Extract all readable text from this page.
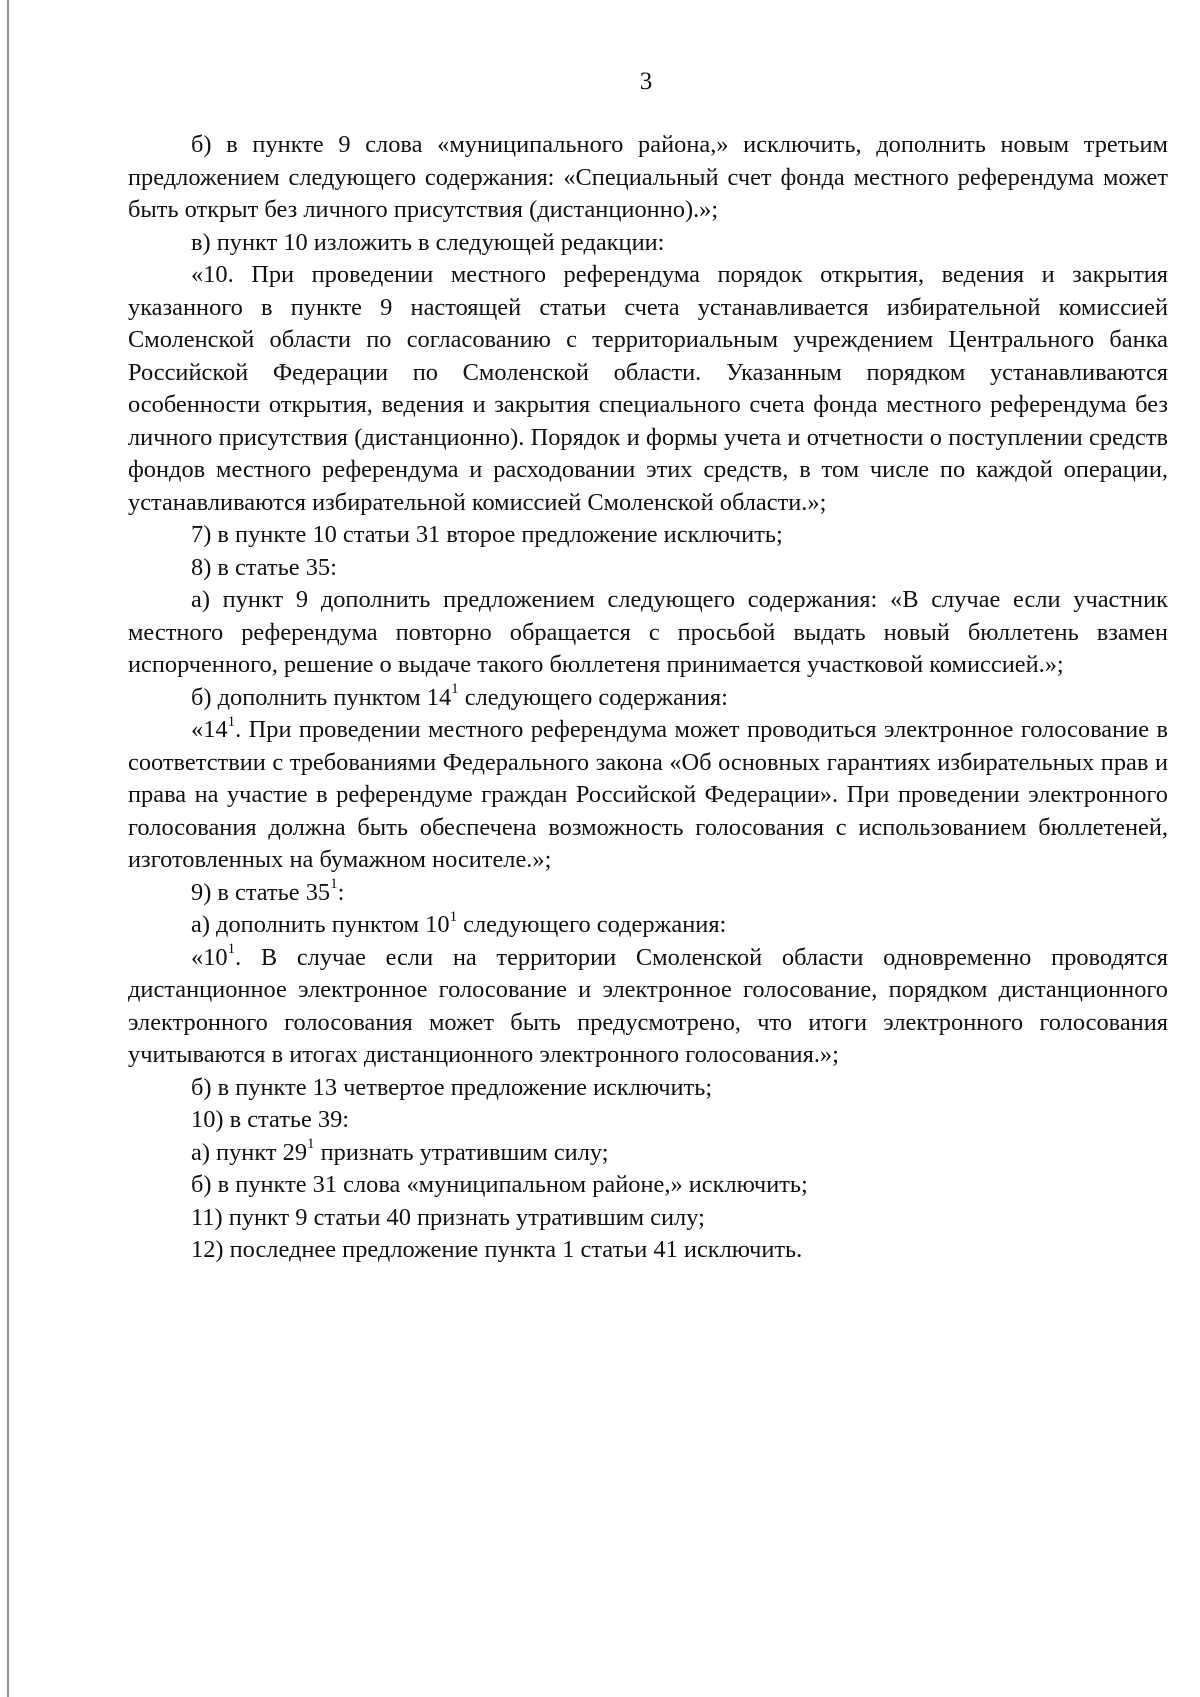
3

б) в пункте 9 слова «муниципального района,» исключить, дополнить новым третьим предложением следующего содержания: «Специальный счет фонда местного референдума может быть открыт без личного присутствия (дистанционно).»;

в) пункт 10 изложить в следующей редакции:

«10. При проведении местного референдума порядок открытия, ведения и закрытия указанного в пункте 9 настоящей статьи счета устанавливается избирательной комиссией Смоленской области по согласованию с территориальным учреждением Центрального банка Российской Федерации по Смоленской области. Указанным порядком устанавливаются особенности открытия, ведения и закрытия специального счета фонда местного референдума без личного присутствия (дистанционно). Порядок и формы учета и отчетности о поступлении средств фондов местного референдума и расходовании этих средств, в том числе по каждой операции, устанавливаются избирательной комиссией Смоленской области.»;

7) в пункте 10 статьи 31 второе предложение исключить;

8) в статье 35:

а) пункт 9 дополнить предложением следующего содержания: «В случае если участник местного референдума повторно обращается с просьбой выдать новый бюллетень взамен испорченного, решение о выдаче такого бюллетеня принимается участковой комиссией.»;

б) дополнить пунктом $14^1$ следующего содержания:

«$14^1$. При проведении местного референдума может проводиться электронное голосование в соответствии с требованиями Федерального закона «Об основных гарантиях избирательных прав и права на участие в референдуме граждан Российской Федерации». При проведении электронного голосования должна быть обеспечена возможность голосования с использованием бюллетеней, изготовленных на бумажном носителе.»;

9) в статье $35^1$:

а) дополнить пунктом $10^1$ следующего содержания:

«$10^1$. В случае если на территории Смоленской области одновременно проводятся дистанционное электронное голосование и электронное голосование, порядком дистанционного электронного голосования может быть предусмотрено, что итоги электронного голосования учитываются в итогах дистанционного электронного голосования.»;

б) в пункте 13 четвертое предложение исключить;

10) в статье 39:

а) пункт $29^1$ признать утратившим силу;

б) в пункте 31 слова «муниципальном районе,» исключить;

11) пункт 9 статьи 40 признать утратившим силу;

12) последнее предложение пункта 1 статьи 41 исключить.
